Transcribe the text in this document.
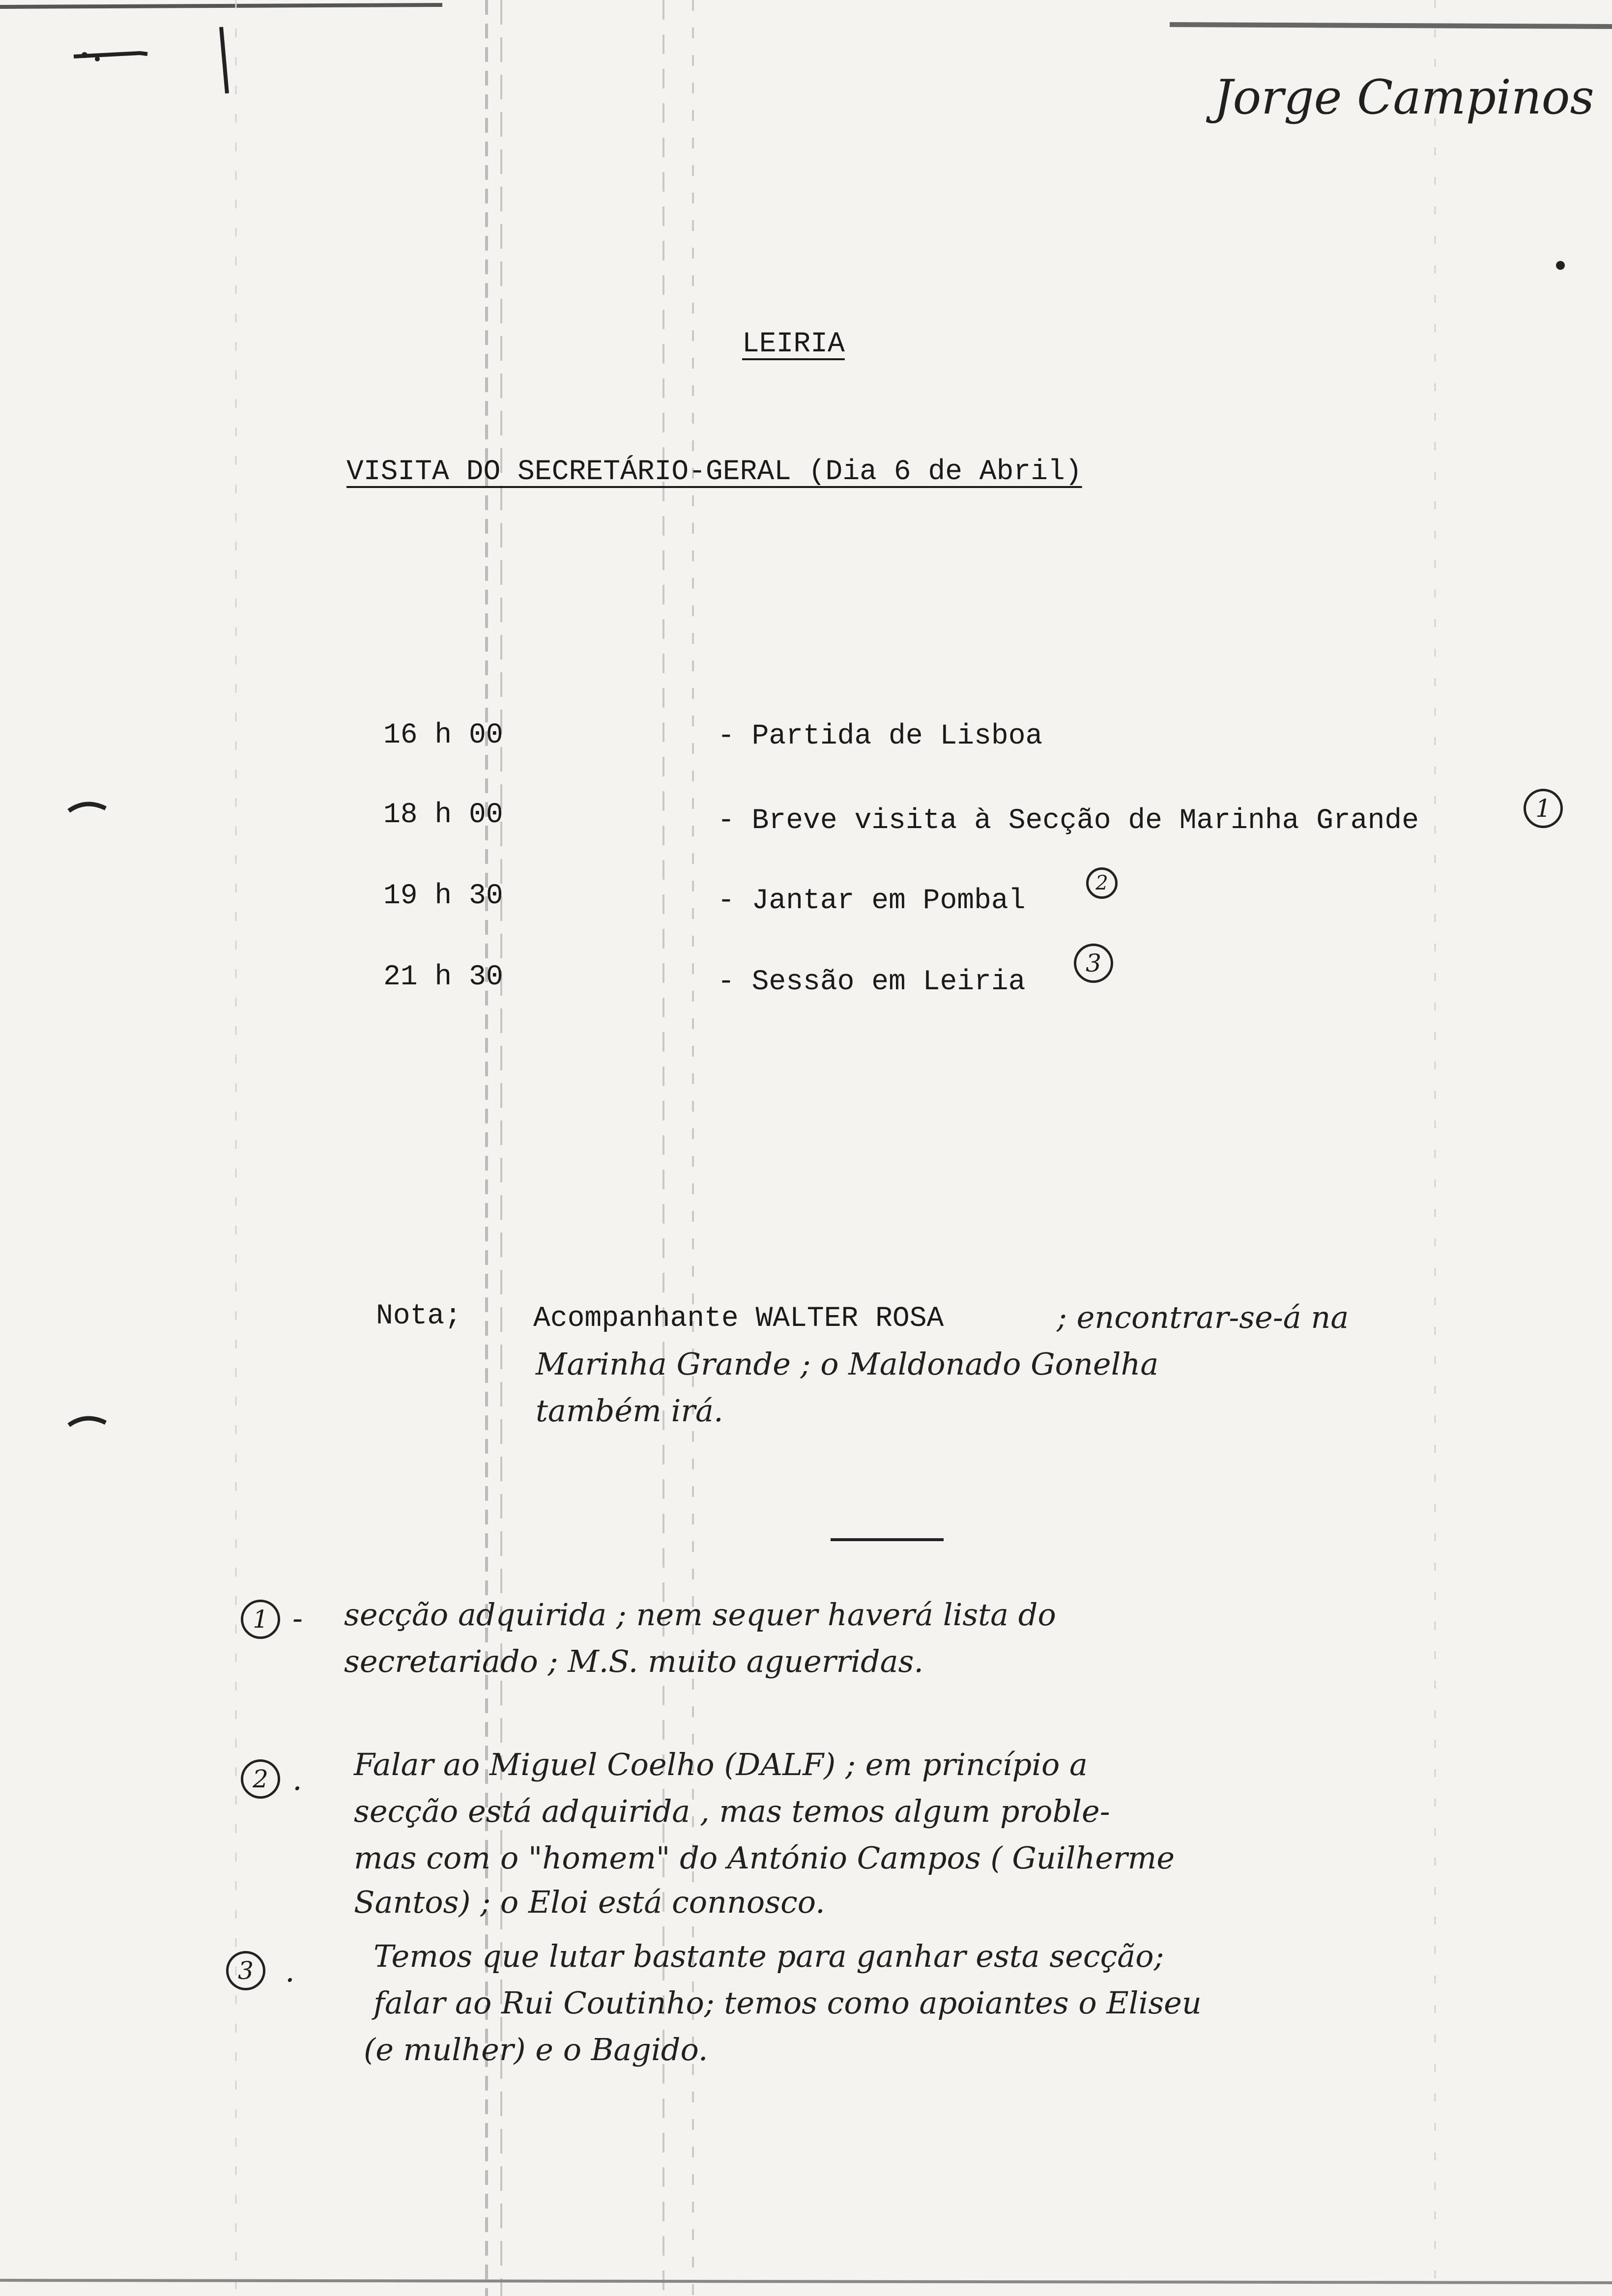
Jorge Campinos
LEIRIA
VISITA DO SECRETÁRIO-GERAL (Dia 6 de Abril)
16 h 00	- Partida de Lisboa
18 h 00	- Breve visita à Secção de Marinha Grande	1
19 h 30	- Jantar em Pombal
2
21 h 30	- Sessão em Leiria
3
Nota;	Acompanhante WALTER ROSA	; encontrar-se-á na
Marinha Grande ; o Maldonado Gonelha
também irá.
1 - secção adquirida ; nem sequer haverá lista do
secretariado ; M.S. muito aguerridas.
2 . Falar ao Miguel Coelho (DALF) ; em princípio a
secção está adquirida , mas temos algum proble-
mas com o "homem" do António Campos ( Guilherme
Santos) ; o Eloi está connosco.
3	.	Temos que lutar bastante para ganhar esta secção;
falar ao Rui Coutinho; temos como apoiantes o Eliseu
(e mulher) e o Bagido.
